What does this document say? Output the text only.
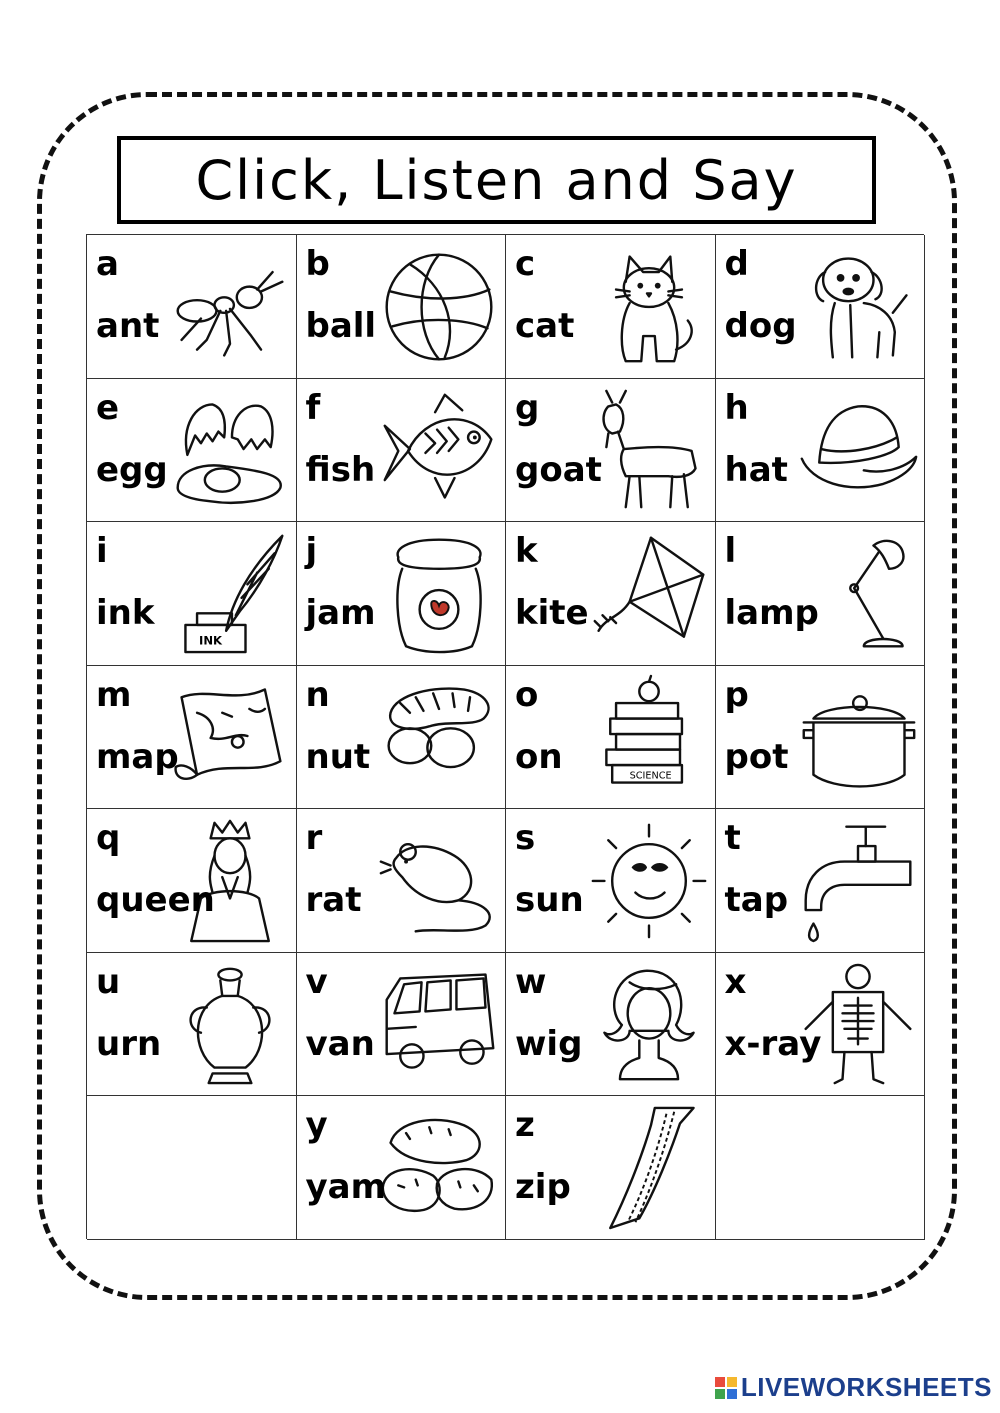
Click, Listen and Say
a
ant
b
ball
c
cat
d
dog
e
egg
f
fish
g
goat
h
hat
i
ink
INK
j
jam
k
kite
l
lamp
m
map
n
nut
o
on	SCIENCE
p
pot
q
queen
r
rat
s
sun
t
tap
u
urn
v
van
w
wig
x
x-ray
y
yam
z
zip
LIVEWORKSHEETS
